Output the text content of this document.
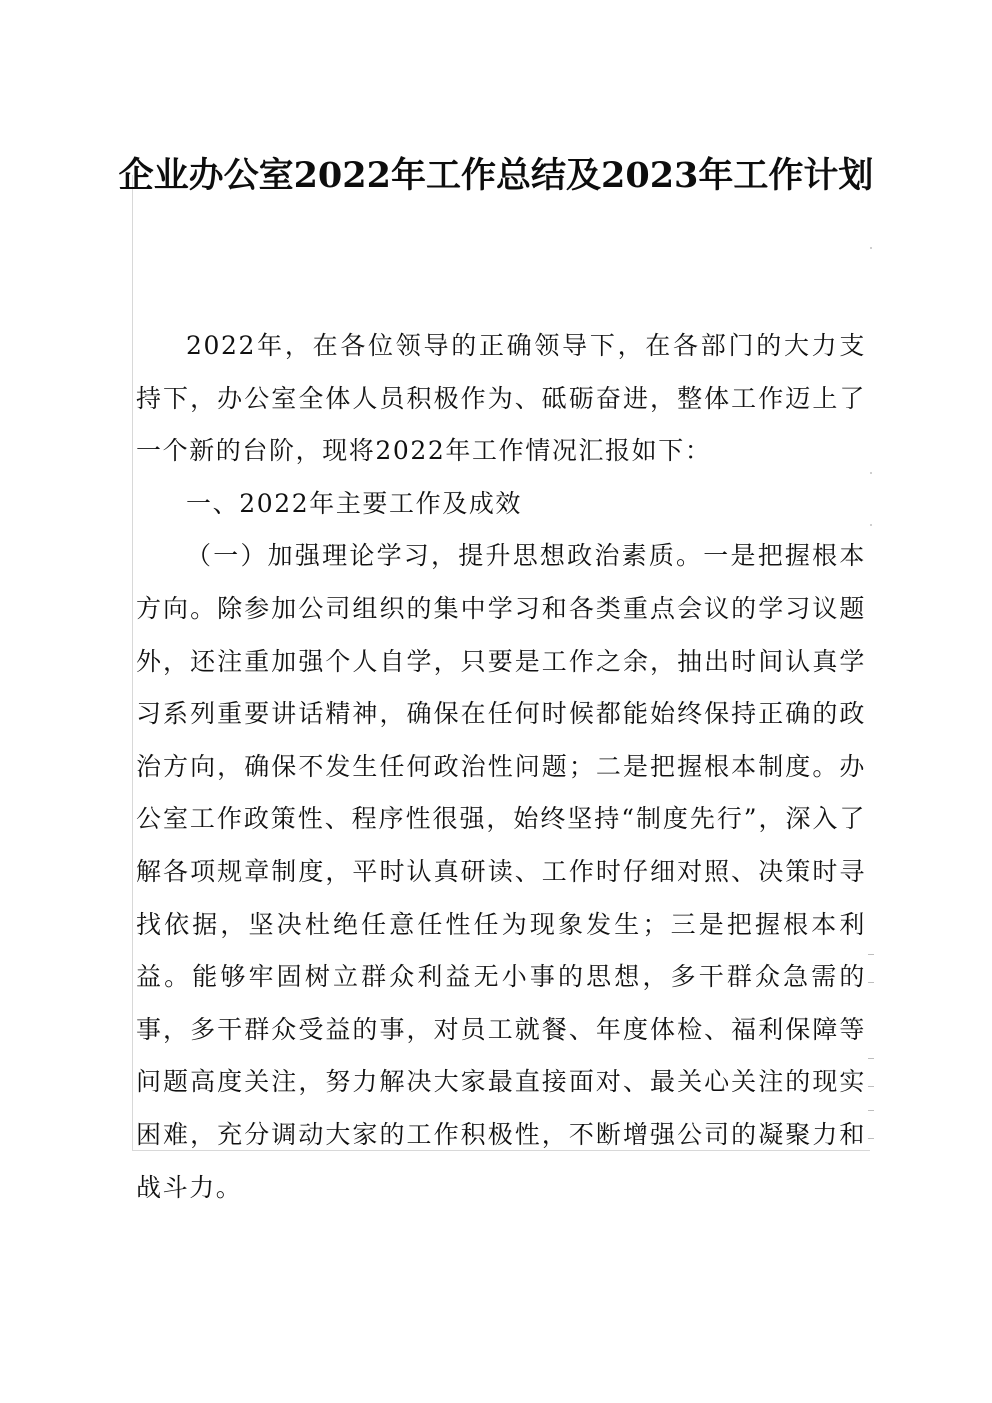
企业办公室2022年工作总结及2023年工作计划

2022年，在各位领导的正确领导下，在各部门的大力支持下，办公室全体人员积极作为、砥砺奋进，整体工作迈上了一个新的台阶，现将2022年工作情况汇报如下：

一、2022年主要工作及成效

（一）加强理论学习，提升思想政治素质。一是把握根本方向。除参加公司组织的集中学习和各类重点会议的学习议题外，还注重加强个人自学，只要是工作之余，抽出时间认真学习系列重要讲话精神，确保在任何时候都能始终保持正确的政治方向，确保不发生任何政治性问题；二是把握根本制度。办公室工作政策性、程序性很强，始终坚持“制度先行”，深入了解各项规章制度，平时认真研读、工作时仔细对照、决策时寻找依据，坚决杜绝任意任性任为现象发生；三是把握根本利益。能够牢固树立群众利益无小事的思想，多干群众急需的事，多干群众受益的事，对员工就餐、年度体检、福利保障等问题高度关注，努力解决大家最直接面对、最关心关注的现实困难，充分调动大家的工作积极性，不断增强公司的凝聚力和战斗力。
